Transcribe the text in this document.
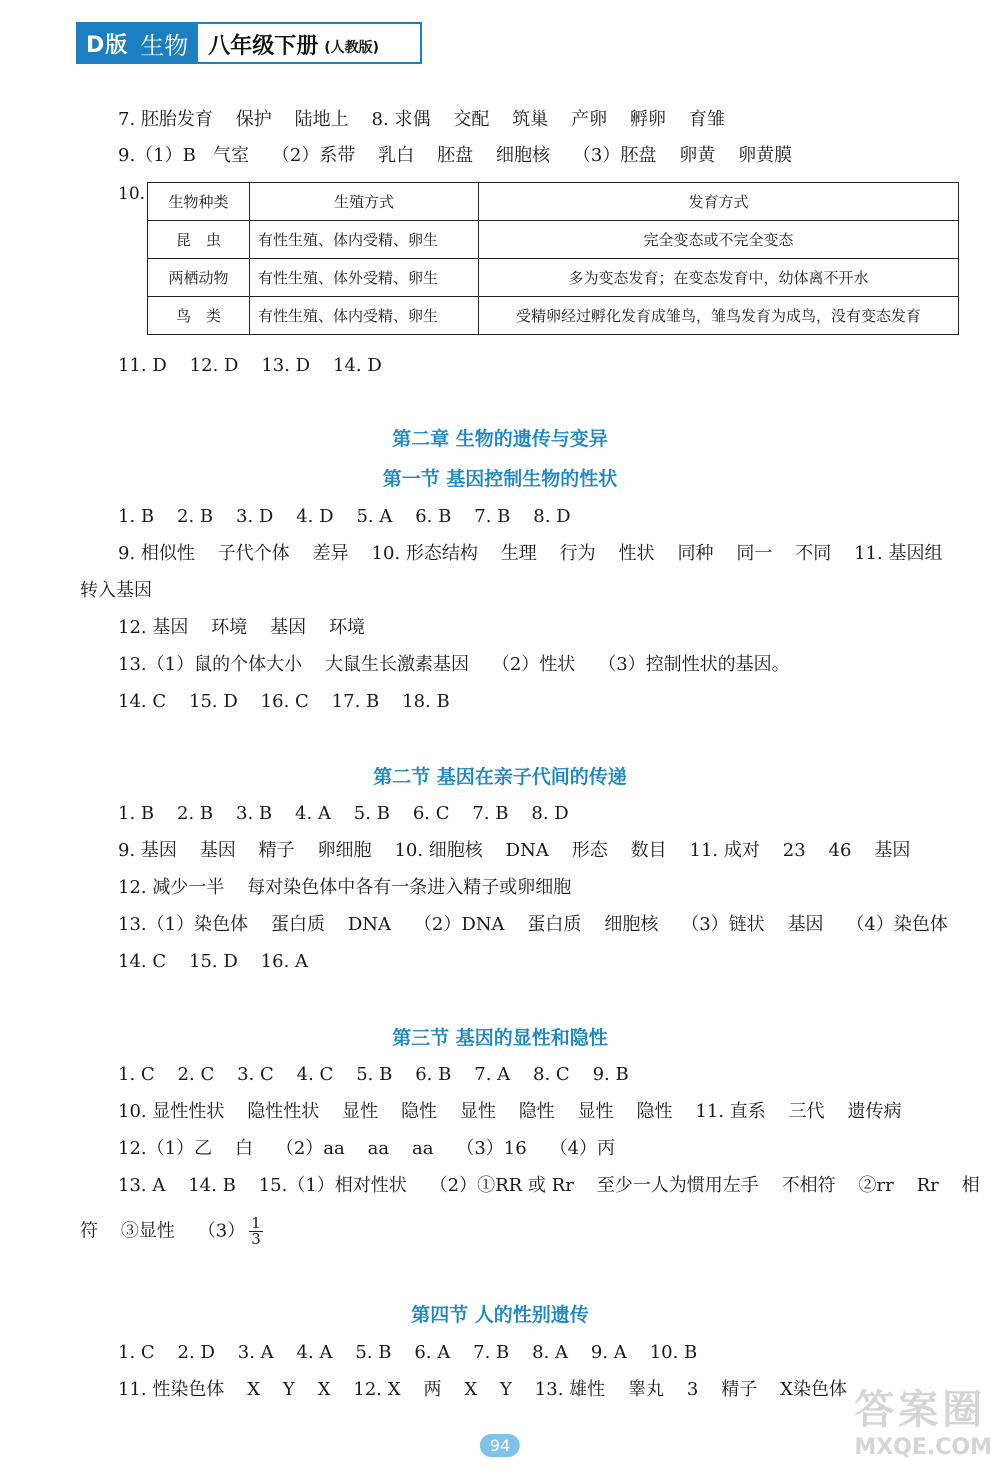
D版 生物 八年级下册 (人教版)
7. 胚胎发育    保护    陆地上    8. 求偶    交配    筑巢    产卵    孵卵    育雏
9.（1）B   气室    （2）系带    乳白    胚盘    细胞核    （3）胚盘    卵黄    卵黄膜
10. 生物种类	生殖方式	发育方式
昆　虫	有性生殖、体内受精、卵生	完全变态或不完全变态
两栖动物	有性生殖、体外受精、卵生	多为变态发育；在变态发育中，幼体离不开水
鸟　类	有性生殖、体内受精、卵生	受精卵经过孵化发育成雏鸟，雏鸟发育为成鸟，没有变态发育
11. D    12. D    13. D    14. D
第二章 生物的遗传与变异
第一节 基因控制生物的性状
1. B    2. B    3. D    4. D    5. A    6. B    7. B    8. D
9. 相似性    子代个体    差异    10. 形态结构    生理    行为    性状    同种    同一    不同    11. 基因组
转入基因
12. 基因    环境    基因    环境
13.（1）鼠的个体大小    大鼠生长激素基因    （2）性状    （3）控制性状的基因。
14. C    15. D    16. C    17. B    18. B
第二节 基因在亲子代间的传递
1. B    2. B    3. B    4. A    5. B    6. C    7. B    8. D
9. 基因    基因    精子    卵细胞    10. 细胞核    DNA    形态    数目    11. 成对    23    46    基因
12. 减少一半    每对染色体中各有一条进入精子或卵细胞
13.（1）染色体    蛋白质    DNA    （2）DNA    蛋白质    细胞核    （3）链状    基因    （4）染色体
14. C    15. D    16. A
第三节 基因的显性和隐性
1. C    2. C    3. C    4. C    5. B    6. B    7. A    8. C    9. B
10. 显性性状    隐性性状    显性    隐性    显性    隐性    显性    隐性    11. 直系    三代    遗传病
12.（1）乙    白    （2）aa    aa    aa    （3）16    （4）丙
13. A    14. B    15.（1）相对性状    （2）①RR 或 Rr    至少一人为惯用左手    不相符    ②rr    Rr    相
符    ③显性    $(3) \frac{1}{3}$
第四节 人的性别遗传
1. C    2. D    3. A    4. A    5. B    6. A    7. B    8. A    9. A    10. B
11. 性染色体    X    Y    X    12. X    两    X    Y    13. 雄性    睾丸    3    精子    X染色体
94
答案圈
MXQE.COM
